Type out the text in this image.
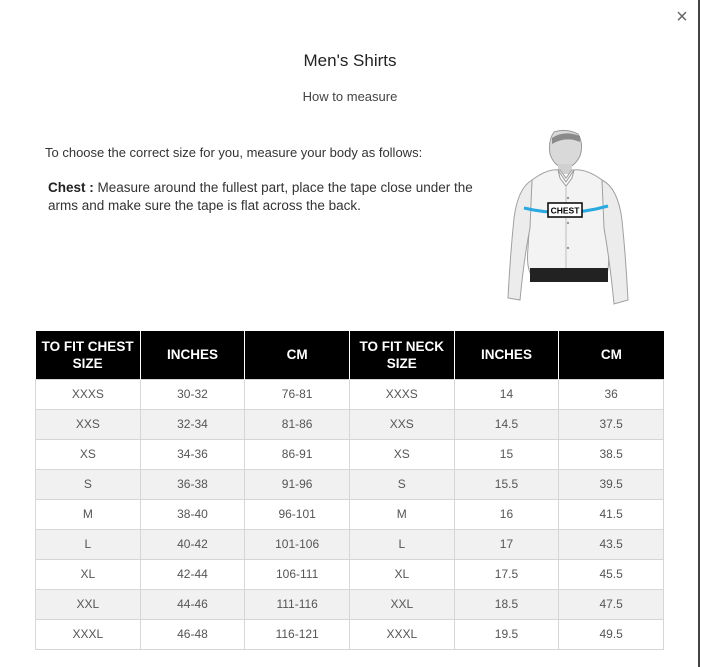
×
Men's Shirts
How to measure
To choose the correct size for you, measure your body as follows:
Chest : Measure around the fullest part, place the tape close under the arms and make sure the tape is flat across the back.	CHEST
TO FIT CHEST SIZE	INCHES	CM	TO FIT NECK SIZE	INCHES	CM
XXXS	30-32	76-81	XXXS	14	36
XXS	32-34	81-86	XXS	14.5	37.5
XS	34-36	86-91	XS	15	38.5
S	36-38	91-96	S	15.5	39.5
M	38-40	96-101	M	16	41.5
L	40-42	101-106	L	17	43.5
XL	42-44	106-111	XL	17.5	45.5
XXL	44-46	111-116	XXL	18.5	47.5
XXXL	46-48	116-121	XXXL	19.5	49.5
